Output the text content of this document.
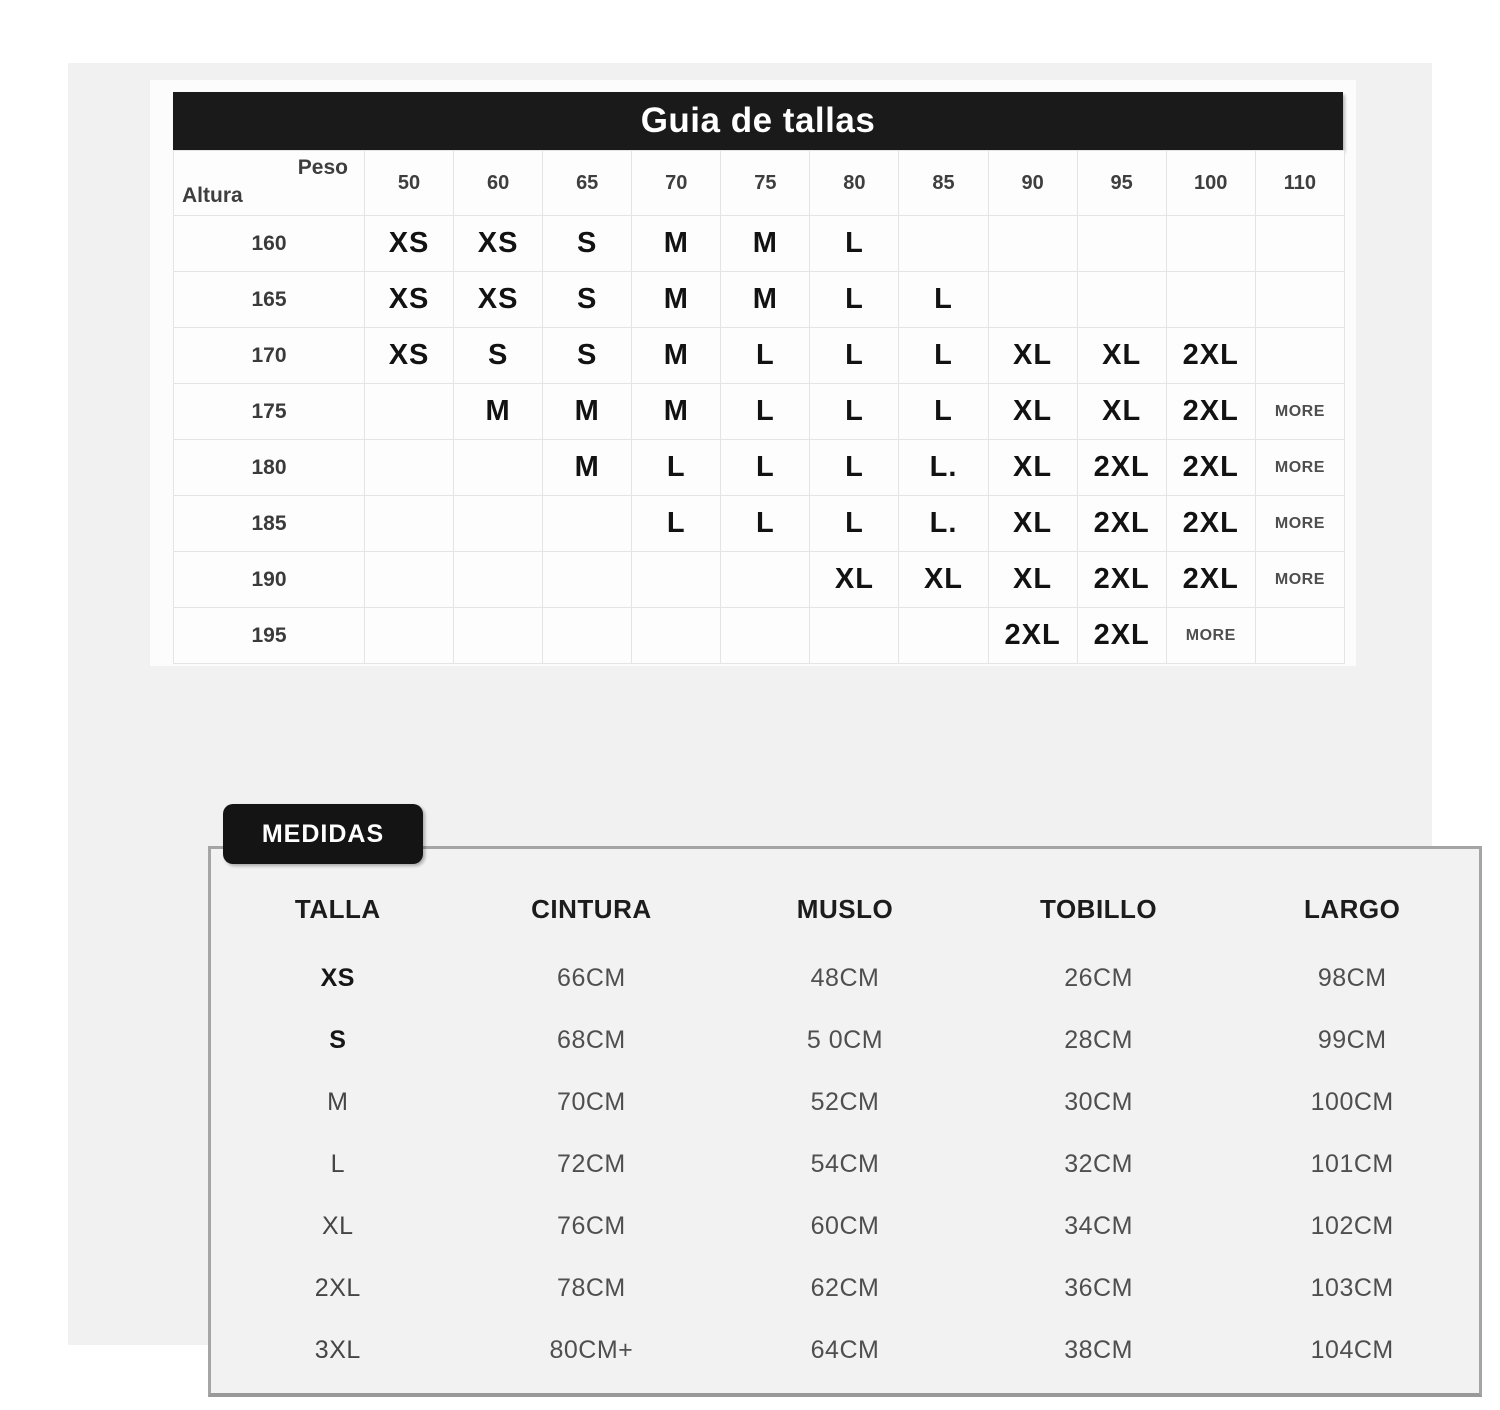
Guia de tallas
Peso
Altura	50	60	65	70	75	80	85	90	95	100	110
160	XS	XS	S	M	M	L					
165	XS	XS	S	M	M	L	L				
170	XS	S	S	M	L	L	L	XL	XL	2XL	
175		M	M	M	L	L	L	XL	XL	2XL	MORE
180			M	L	L	L	L.	XL	2XL	2XL	MORE
185				L	L	L	L.	XL	2XL	2XL	MORE
190						XL	XL	XL	2XL	2XL	MORE
195								2XL	2XL	MORE	
MEDIDAS
TALLA	CINTURA	MUSLO	TOBILLO	LARGO
XS	66CM	48CM	26CM	98CM
S	68CM	5 0CM	28CM	99CM
M	70CM	52CM	30CM	100CM
L	72CM	54CM	32CM	101CM
XL	76CM	60CM	34CM	102CM
2XL	78CM	62CM	36CM	103CM
3XL	80CM+	64CM	38CM	104CM
